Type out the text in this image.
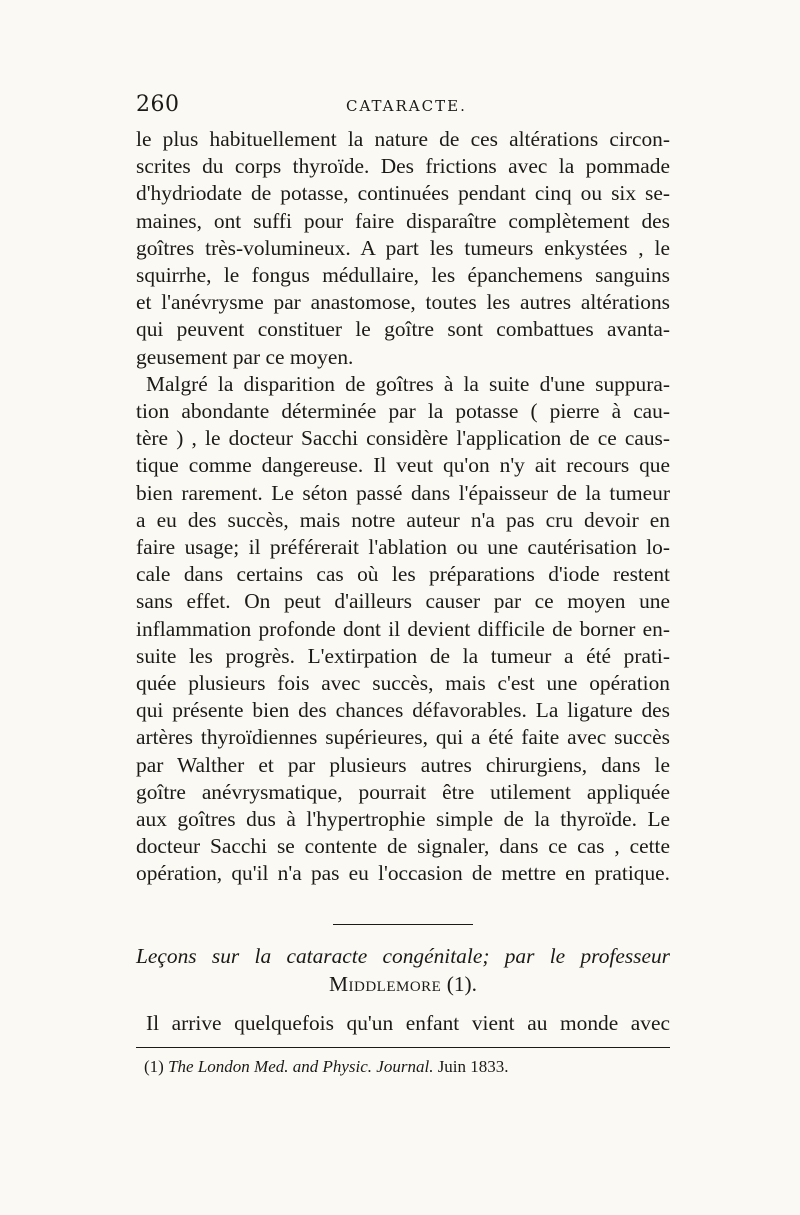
260	CATARACTE.

le plus habituellement la nature de ces altérations circon-
scrites du corps thyroïde. Des frictions avec la pommade
d'hydriodate de potasse, continuées pendant cinq ou six se-
maines, ont suffi pour faire disparaître complètement des
goîtres très-volumineux. A part les tumeurs enkystées , le
squirrhe, le fongus médullaire, les épanchemens sanguins
et l'anévrysme par anastomose, toutes les autres altérations
qui peuvent constituer le goître sont combattues avanta-
geusement par ce moyen.

Malgré la disparition de goîtres à la suite d'une suppura-
tion abondante déterminée par la potasse ( pierre à cau-
tère ) , le docteur Sacchi considère l'application de ce caus-
tique comme dangereuse. Il veut qu'on n'y ait recours que
bien rarement. Le séton passé dans l'épaisseur de la tumeur
a eu des succès, mais notre auteur n'a pas cru devoir en
faire usage; il préférerait l'ablation ou une cautérisation lo-
cale dans certains cas où les préparations d'iode restent
sans effet. On peut d'ailleurs causer par ce moyen une
inflammation profonde dont il devient difficile de borner en-
suite les progrès. L'extirpation de la tumeur a été prati-
quée plusieurs fois avec succès, mais c'est une opération
qui présente bien des chances défavorables. La ligature des
artères thyroïdiennes supérieures, qui a été faite avec succès
par Walther et par plusieurs autres chirurgiens, dans le
goître anévrysmatique, pourrait être utilement appliquée
aux goîtres dus à l'hypertrophie simple de la thyroïde. Le
docteur Sacchi se contente de signaler, dans ce cas , cette
opération, qu'il n'a pas eu l'occasion de mettre en pratique.

Leçons sur la cataracte congénitale; par le professeur

Middlemore (1).

Il arrive quelquefois qu'un enfant vient au monde avec

(1) The London Med. and Physic. Journal. Juin 1833.
